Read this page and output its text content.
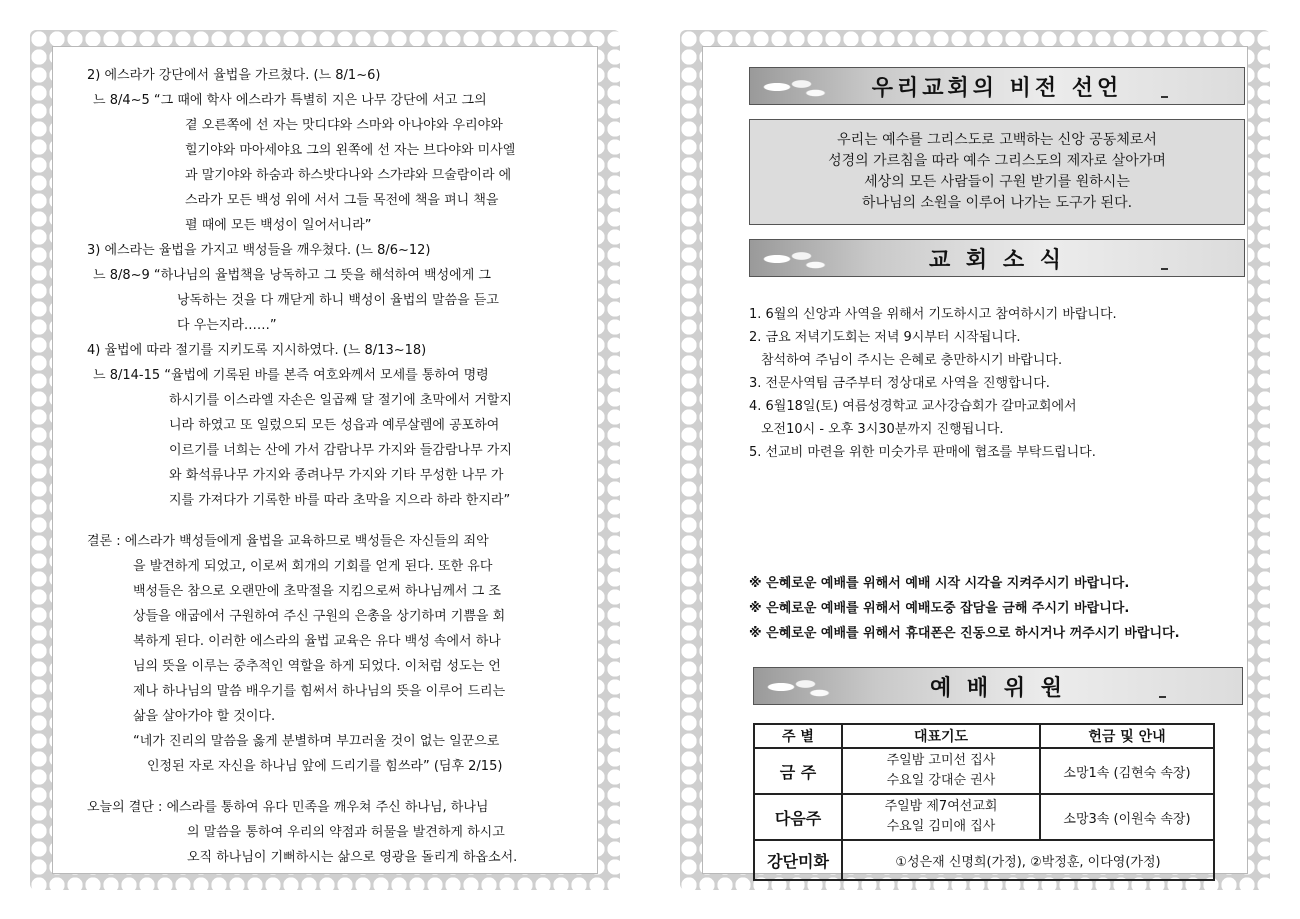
2) 에스라가 강단에서 율법을 가르쳤다. (느 8/1~6)
느 8/4~5 “그 때에 학사 에스라가 특별히 지은 나무 강단에 서고 그의
곁 오른쪽에 선 자는 맛디댜와 스마와 아나야와 우리야와
힐기야와 마아세야요 그의 왼쪽에 선 자는 브다야와 미사엘
과 말기야와 하숨과 하스밧다나와 스가랴와 므술람이라 에
스라가 모든 백성 위에 서서 그들 목전에 책을 펴니 책을
펼 때에 모든 백성이 일어서니라”
3) 에스라는 율법을 가지고 백성들을 깨우쳤다. (느 8/6~12)
느 8/8~9 “하나님의 율법책을 낭독하고 그 뜻을 해석하여 백성에게 그
낭독하는 것을 다 깨닫게 하니 백성이 율법의 말씀을 듣고
다 우는지라……”
4) 율법에 따라 절기를 지키도록 지시하였다. (느 8/13~18)
느 8/14-15 “율법에 기록된 바를 본즉 여호와께서 모세를 통하여 명령
하시기를 이스라엘 자손은 일곱째 달 절기에 초막에서 거할지
니라 하였고 또 일렀으되 모든 성읍과 예루살렘에 공포하여
이르기를 너희는 산에 가서 감람나무 가지와 들감람나무 가지
와 화석류나무 가지와 종려나무 가지와 기타 무성한 나무 가
지를 가져다가 기록한 바를 따라 초막을 지으라 하라 한지라”
결론 : 에스라가 백성들에게 율법을 교육하므로 백성들은 자신들의 죄악
을 발견하게 되었고, 이로써 회개의 기회를 얻게 된다. 또한 유다
백성들은 참으로 오랜만에 초막절을 지킴으로써 하나님께서 그 조
상들을 애굽에서 구원하여 주신 구원의 은총을 상기하며 기쁨을 회
복하게 된다. 이러한 에스라의 율법 교육은 유다 백성 속에서 하나
님의 뜻을 이루는 중추적인 역할을 하게 되었다. 이처럼 성도는 언
제나 하나님의 말씀 배우기를 힘써서 하나님의 뜻을 이루어 드리는
삶을 살아가야 할 것이다.
“네가 진리의 말씀을 옳게 분별하며 부끄러울 것이 없는 일꾼으로
인정된 자로 자신을 하나님 앞에 드리기를 힘쓰라” (딤후 2/15)
오늘의 결단 : 에스라를 통하여 유다 민족을 깨우쳐 주신 하나님, 하나님
의 말씀을 통하여 우리의 약점과 허물을 발견하게 하시고
오직 하나님이 기뻐하시는 삶으로 영광을 돌리게 하옵소서.
우리교회의 비전 선언
우리는 예수를 그리스도로 고백하는 신앙 공동체로서
성경의 가르침을 따라 예수 그리스도의 제자로 살아가며
세상의 모든 사람들이 구원 받기를 원하시는
하나님의 소원을 이루어 나가는 도구가 된다.
교 회 소 식
1. 6월의 신앙과 사역을 위해서 기도하시고 참여하시기 바랍니다.
2. 금요 저녁기도회는 저녁 9시부터 시작됩니다.
참석하여 주님이 주시는 은혜로 충만하시기 바랍니다.
3. 전문사역팀 금주부터 정상대로 사역을 진행합니다.
4. 6월18일(토) 여름성경학교 교사강습회가 갈마교회에서
오전10시 - 오후 3시30분까지 진행됩니다.
5. 선교비 마련을 위한 미숫가루 판매에 협조를 부탁드립니다.
※ 은혜로운 예배를 위해서 예배 시작 시각을 지켜주시기 바랍니다.
※ 은혜로운 예배를 위해서 예배도중 잡담을 금해 주시기 바랍니다.
※ 은혜로운 예배를 위해서 휴대폰은 진동으로 하시거나 꺼주시기 바랍니다.
예 배 위 원
주 별	대표기도	헌금 및 안내
금 주	주일밤 고미선 집사
수요일 강대순 권사	소망1속 (김현숙 속장)
다음주	주일밤 제7여선교회
수요일 김미애 집사	소망3속 (이원숙 속장)
강단미화	①성은재 신명희(가정), ②박정훈, 이다영(가정)	
